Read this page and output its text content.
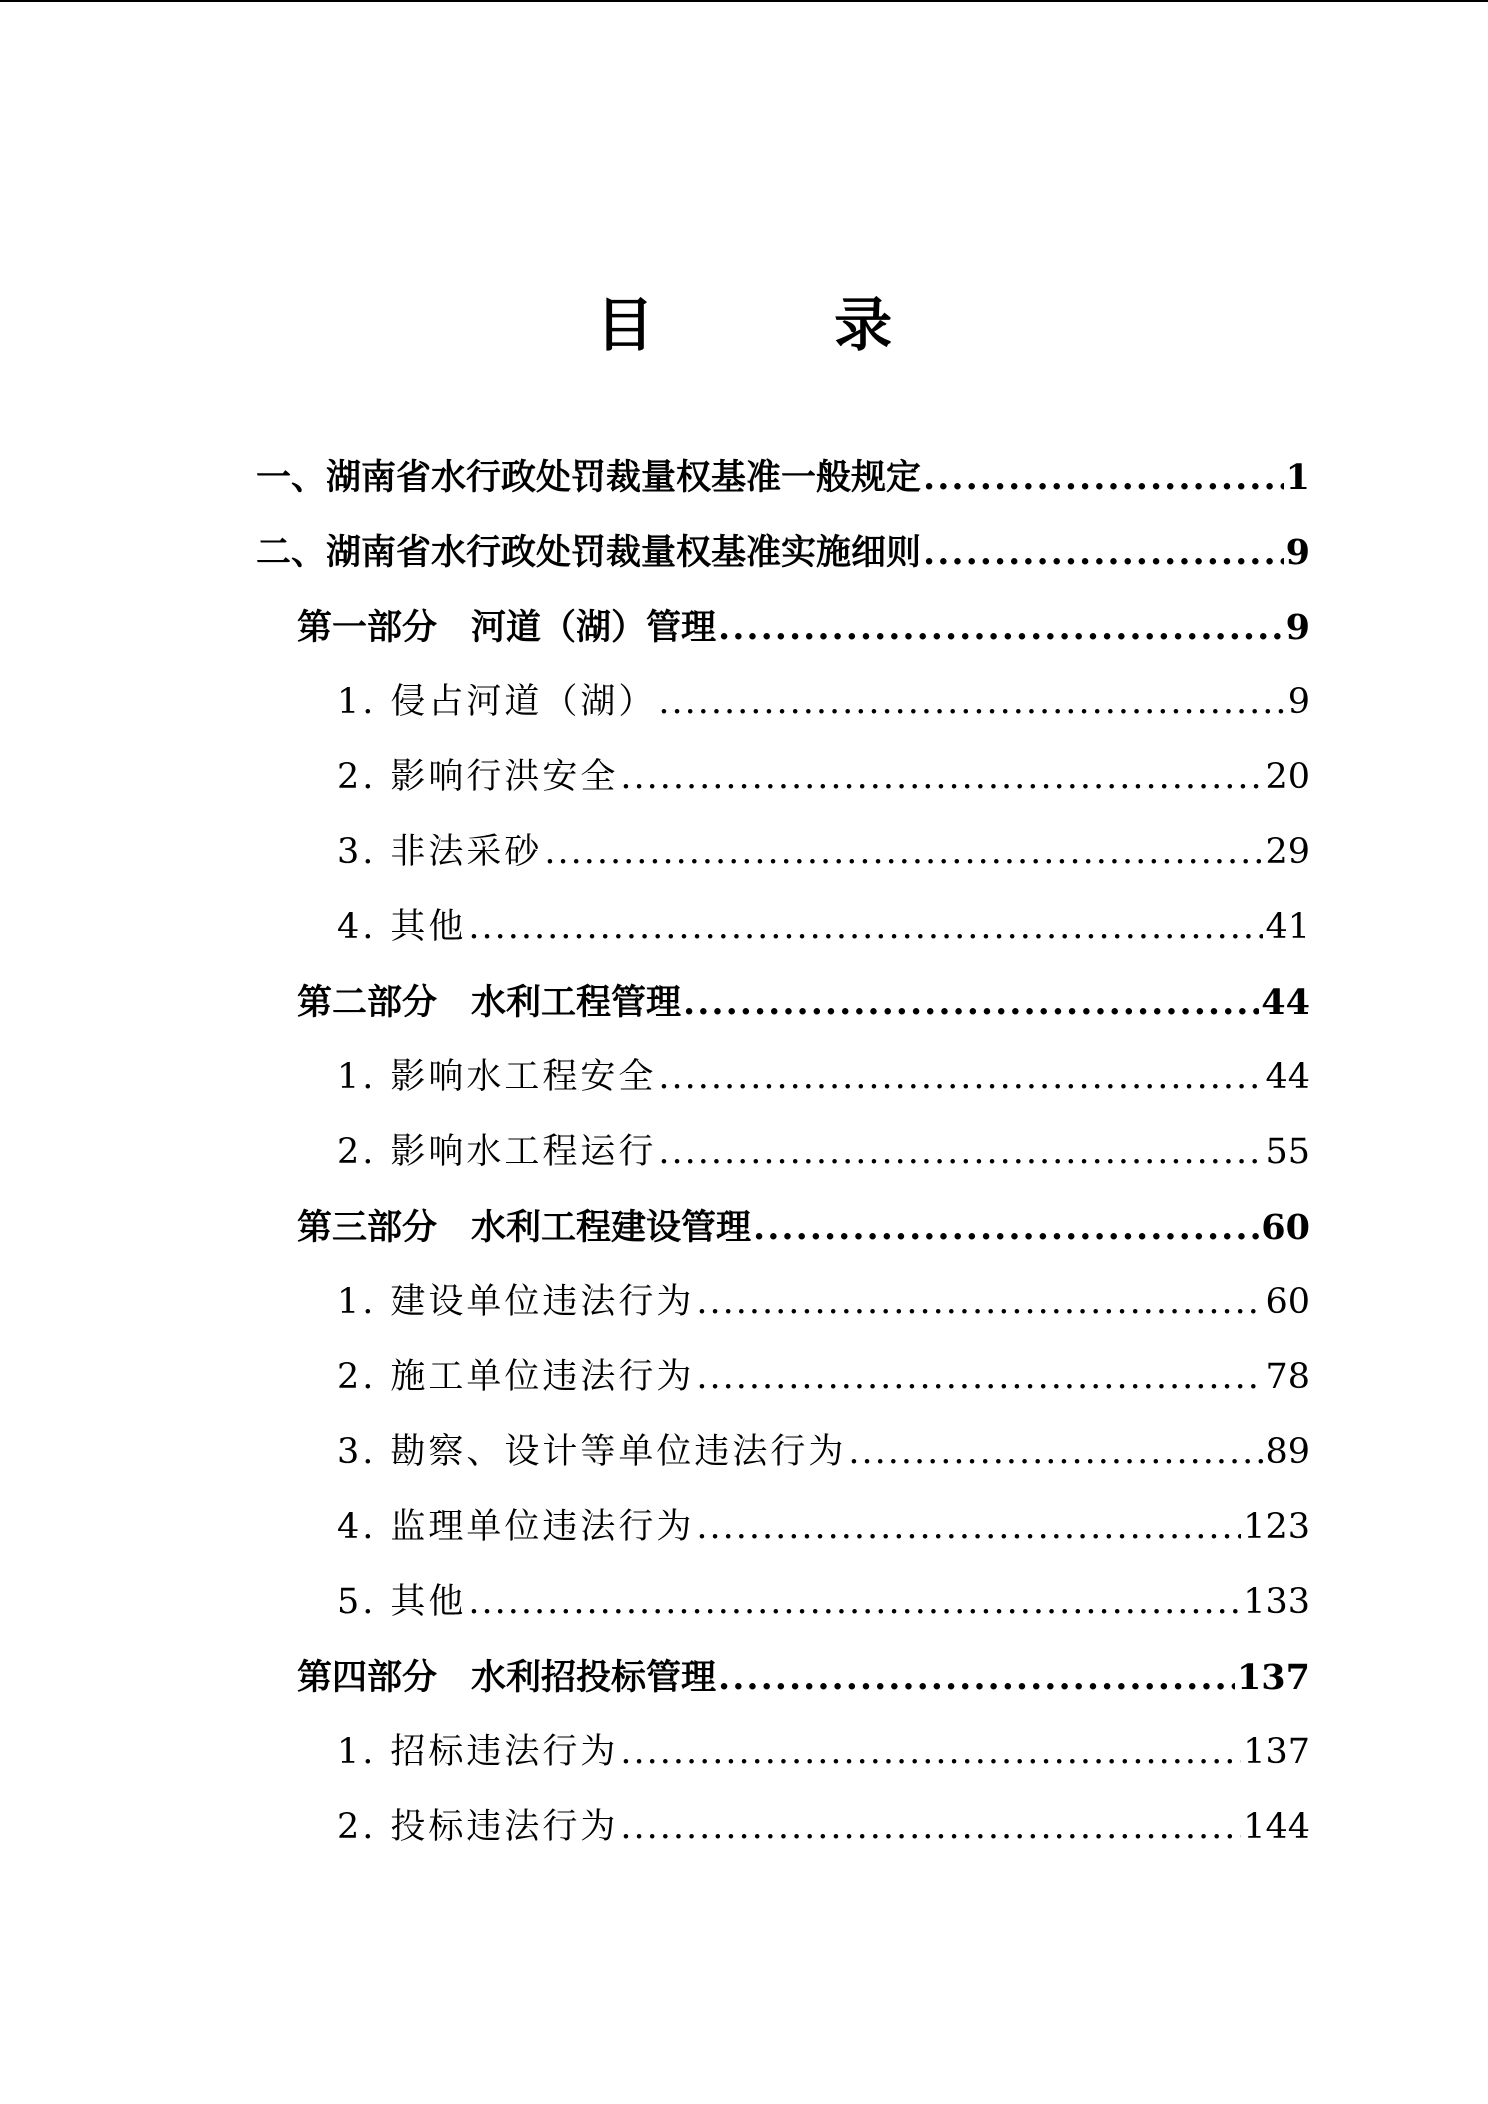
目 录
一、湖南省水行政处罚裁量权基准一般规定 .....	1
二、湖南省水行政处罚裁量权基准实施细则 .....	9
第一部分 河道（湖）管理 .....	9
1. 侵占河道（湖） .....	9
2. 影响行洪安全 .....	20
3. 非法采砂 .....	29
4. 其他 .....	41
第二部分 水利工程管理 .....	44
1. 影响水工程安全 .....	44
2. 影响水工程运行 .....	55
第三部分 水利工程建设管理 .....	60
1. 建设单位违法行为 .....	60
2. 施工单位违法行为 .....	78
3. 勘察、设计等单位违法行为 .....	89
4. 监理单位违法行为 .....	123
5. 其他 .....	133
第四部分 水利招投标管理 .....	137
1. 招标违法行为 .....	137
2. 投标违法行为 .....	144
